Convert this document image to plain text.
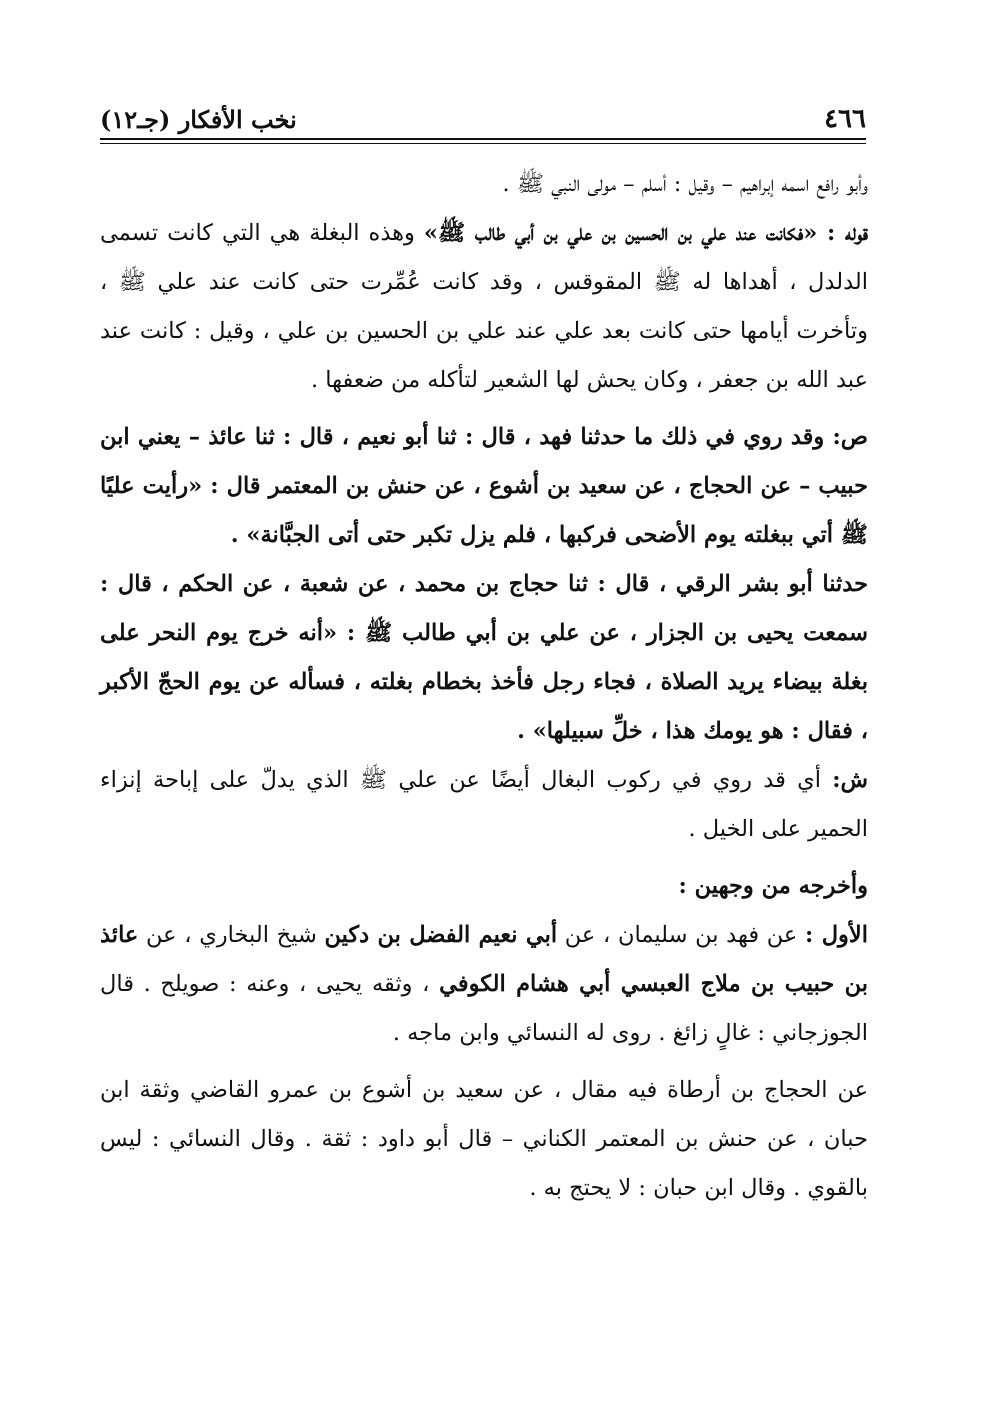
٤٦٦
نخب الأفكار (جـ١٢)

وأبو رافع اسمه إبراهيم – وقيل : أسلم – مولى النبي ﷺ .

قوله : «فكانت عند علي بن الحسين بن علي بن أبي طالب ﷺ» وهذه البغلة هي التي كانت تسمى الدلدل ، أهداها له ﷺ المقوقس ، وقد كانت عُمِّرت حتى كانت عند علي ﷺ ، وتأخرت أيامها حتى كانت بعد علي عند علي بن الحسين بن علي ، وقيل : كانت عند عبد الله بن جعفر ، وكان يحش لها الشعير لتأكله من ضعفها .

ص: وقد روي في ذلك ما حدثنا فهد ، قال : ثنا أبو نعيم ، قال : ثنا عائذ – يعني ابن حبيب – عن الحجاج ، عن سعيد بن أشوع ، عن حنش بن المعتمر قال : «رأيت عليًا ﷺ أتي ببغلته يوم الأضحى فركبها ، فلم يزل تكبر حتى أتى الجبَّانة» .

حدثنا أبو بشر الرقي ، قال : ثنا حجاج بن محمد ، عن شعبة ، عن الحكم ، قال : سمعت يحيى بن الجزار ، عن علي بن أبي طالب ﷺ : «أنه خرج يوم النحر على بغلة بيضاء يريد الصلاة ، فجاء رجل فأخذ بخطام بغلته ، فسأله عن يوم الحجّ الأكبر ، فقال : هو يومك هذا ، خلِّ سبيلها» .

ش: أي قد روي في ركوب البغال أيضًا عن علي ﷺ الذي يدلّ على إباحة إنزاء الحمير على الخيل .

وأخرجه من وجهين :

الأول : عن فهد بن سليمان ، عن أبي نعيم الفضل بن دكين شيخ البخاري ، عن عائذ بن حبيب بن ملاج العبسي أبي هشام الكوفي ، وثقه يحيى ، وعنه : صويلح . قال الجوزجاني : غالٍ زائغ . روى له النسائي وابن ماجه .

عن الحجاج بن أرطاة فيه مقال ، عن سعيد بن أشوع بن عمرو القاضي وثقة ابن حبان ، عن حنش بن المعتمر الكناني – قال أبو داود : ثقة . وقال النسائي : ليس بالقوي . وقال ابن حبان : لا يحتج به .
